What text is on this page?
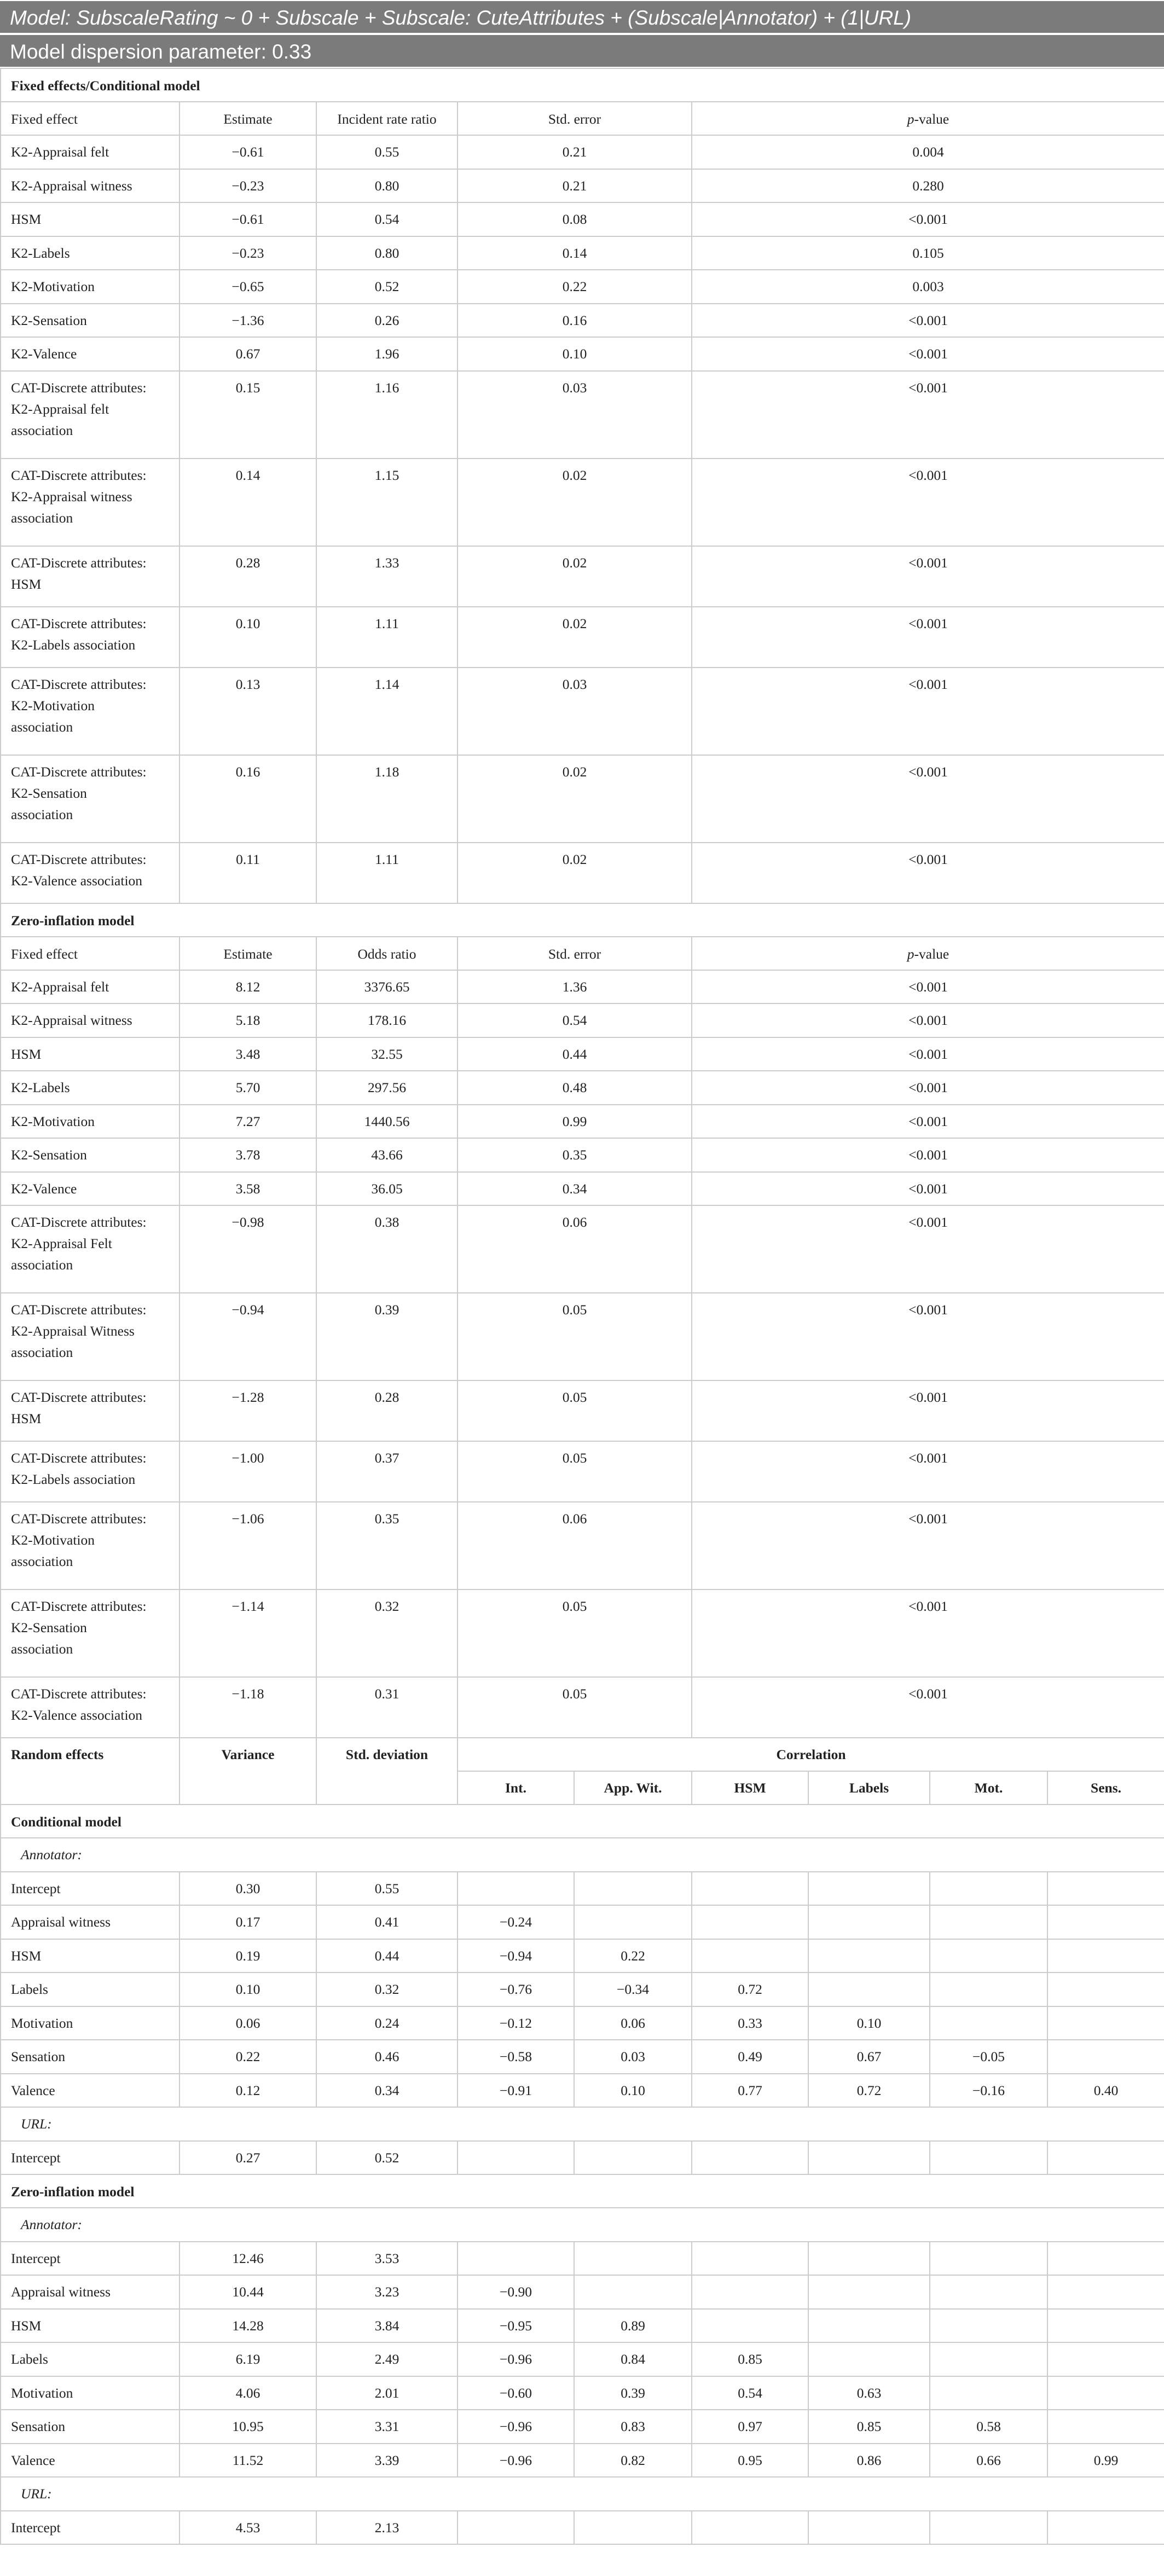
Model: SubscaleRating ~ 0 + Subscale + Subscale: CuteAttributes + (Subscale|Annotator) + (1|URL)
Model dispersion parameter: 0.33
Fixed effects/Conditional model								
Fixed effect	Estimate	Incident rate ratio	Std. error		p-value			
K2-Appraisal felt	−0.61	0.55	0.21		0.004			
K2-Appraisal witness	−0.23	0.80	0.21		0.280			
HSM	−0.61	0.54	0.08		<0.001			
K2-Labels	−0.23	0.80	0.14		0.105			
K2-Motivation	−0.65	0.52	0.22		0.003			
K2-Sensation	−1.36	0.26	0.16		<0.001			
K2-Valence	0.67	1.96	0.10		<0.001			

CAT-Discrete attributes:
K2-Appraisal felt
association	0.15	1.16	0.03		<0.001			

CAT-Discrete attributes:
K2-Appraisal witness
association	0.14	1.15	0.02		<0.001			

CAT-Discrete attributes:
HSM	0.28	1.33	0.02		<0.001			

CAT-Discrete attributes:
K2-Labels association	0.10	1.11	0.02		<0.001			

CAT-Discrete attributes:
K2-Motivation
association	0.13	1.14	0.03		<0.001			

CAT-Discrete attributes:
K2-Sensation
association	0.16	1.18	0.02		<0.001			

CAT-Discrete attributes:
K2-Valence association	0.11	1.11	0.02		<0.001			
Zero-inflation model								
Fixed effect	Estimate	Odds ratio	Std. error		p-value			
K2-Appraisal felt	8.12	3376.65	1.36		<0.001			
K2-Appraisal witness	5.18	178.16	0.54		<0.001			
HSM	3.48	32.55	0.44		<0.001			
K2-Labels	5.70	297.56	0.48		<0.001			
K2-Motivation	7.27	1440.56	0.99		<0.001			
K2-Sensation	3.78	43.66	0.35		<0.001			
K2-Valence	3.58	36.05	0.34		<0.001			

CAT-Discrete attributes:
K2-Appraisal Felt
association	−0.98	0.38	0.06		<0.001			

CAT-Discrete attributes:
K2-Appraisal Witness
association	−0.94	0.39	0.05		<0.001			

CAT-Discrete attributes:
HSM	−1.28	0.28	0.05		<0.001			

CAT-Discrete attributes:
K2-Labels association	−1.00	0.37	0.05		<0.001			

CAT-Discrete attributes:
K2-Motivation
association	−1.06	0.35	0.06		<0.001			

CAT-Discrete attributes:
K2-Sensation
association	−1.14	0.32	0.05		<0.001			

CAT-Discrete attributes:
K2-Valence association	−1.18	0.31	0.05		<0.001			
Random effects	Variance	Std. deviation	Correlation					
			Int.	App. Wit.	HSM	Labels	Mot.	Sens.
Conditional model								
Annotator:								
Intercept	0.30	0.55						
Appraisal witness	0.17	0.41	−0.24					
HSM	0.19	0.44	−0.94	0.22				
Labels	0.10	0.32	−0.76	−0.34	0.72			
Motivation	0.06	0.24	−0.12	0.06	0.33	0.10		
Sensation	0.22	0.46	−0.58	0.03	0.49	0.67	−0.05	
Valence	0.12	0.34	−0.91	0.10	0.77	0.72	−0.16	0.40
URL:								
Intercept	0.27	0.52						
Zero-inflation model								
Annotator:								
Intercept	12.46	3.53						
Appraisal witness	10.44	3.23	−0.90					
HSM	14.28	3.84	−0.95	0.89				
Labels	6.19	2.49	−0.96	0.84	0.85			
Motivation	4.06	2.01	−0.60	0.39	0.54	0.63		
Sensation	10.95	3.31	−0.96	0.83	0.97	0.85	0.58	
Valence	11.52	3.39	−0.96	0.82	0.95	0.86	0.66	0.99
URL:								
Intercept	4.53	2.13						
